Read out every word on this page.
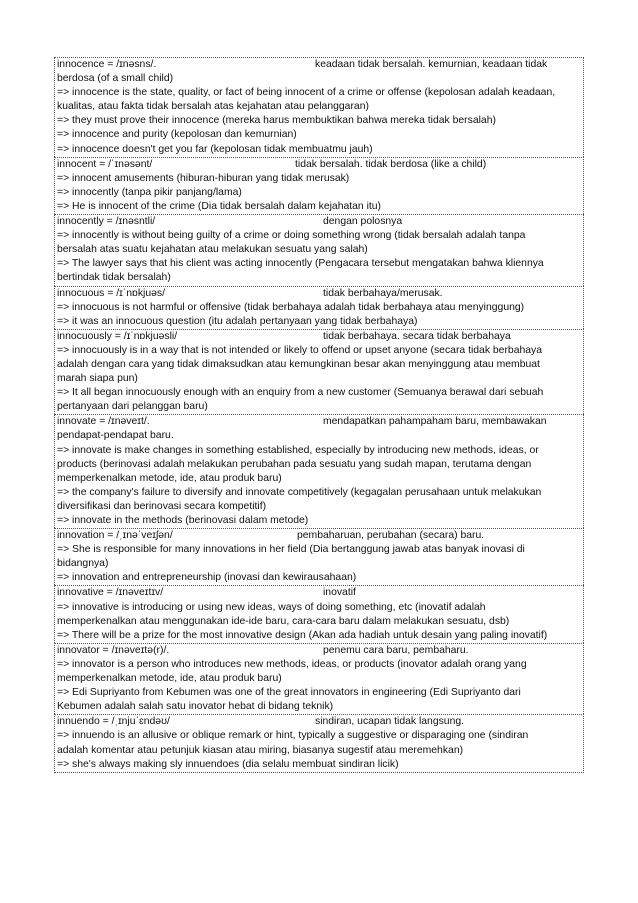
innocence = /ɪnəsns/.	keadaan tidak bersalah. kemurnian, keadaan tidak
berdosa (of a small child)
=> innocence is the state, quality, or fact of being innocent of a crime or offense (kepolosan adalah keadaan,
kualitas, atau fakta tidak bersalah atas kejahatan atau pelanggaran)
=> they must prove their innocence (mereka harus membuktikan bahwa mereka tidak bersalah)
=> innocence and purity (kepolosan dan kemurnian)
=> innocence doesn't get you far (kepolosan tidak membuatmu jauh)
innocent = /ˈɪnəsənt/	tidak bersalah. tidak berdosa (like a child)
=> innocent amusements (hiburan-hiburan yang tidak merusak)
=> innocently (tanpa pikir panjang/lama)
=> He is innocent of the crime (Dia tidak bersalah dalam kejahatan itu)
innocently = /ɪnəsntli/	dengan polosnya
=> innocently is without being guilty of a crime or doing something wrong (tidak bersalah adalah tanpa
bersalah atas suatu kejahatan atau melakukan sesuatu yang salah)
=> The lawyer says that his client was acting innocently (Pengacara tersebut mengatakan bahwa kliennya
bertindak tidak bersalah)
innocuous = /ɪˈnɒkjuəs/	tidak berbahaya/merusak.
=> innocuous is not harmful or offensive (tidak berbahaya adalah tidak berbahaya atau menyinggung)
=> it was an innocuous question (itu adalah pertanyaan yang tidak berbahaya)
innocuously = /ɪˈnɒkjuəsli/	tidak berbahaya. secara tidak berbahaya
=> innocuously is in a way that is not intended or likely to offend or upset anyone (secara tidak berbahaya
adalah dengan cara yang tidak dimaksudkan atau kemungkinan besar akan menyinggung atau membuat
marah siapa pun)
=> It all began innocuously enough with an enquiry from a new customer (Semuanya berawal dari sebuah
pertanyaan dari pelanggan baru)
innovate = /ɪnəveɪt/.	mendapatkan pahampaham baru, membawakan
pendapat-pendapat baru.
=> innovate is make changes in something established, especially by introducing new methods, ideas, or
products (berinovasi adalah melakukan perubahan pada sesuatu yang sudah mapan, terutama dengan
memperkenalkan metode, ide, atau produk baru)
=> the company's failure to diversify and innovate competitively (kegagalan perusahaan untuk melakukan
diversifikasi dan berinovasi secara kompetitif)
=> innovate in the methods (berinovasi dalam metode)
innovation = /ˌɪnəˈveɪʃən/	pembaharuan, perubahan (secara) baru.
=> She is responsible for many innovations in her field (Dia bertanggung jawab atas banyak inovasi di
bidangnya)
=> innovation and entrepreneurship (inovasi dan kewirausahaan)
innovative = /ɪnəveɪtɪv/	inovatif
=> innovative is introducing or using new ideas, ways of doing something, etc (inovatif adalah
memperkenalkan atau menggunakan ide-ide baru, cara-cara baru dalam melakukan sesuatu, dsb)
=> There will be a prize for the most innovative design (Akan ada hadiah untuk desain yang paling inovatif)
innovator = /ɪnəveɪtə(r)/.	penemu cara baru, pembaharu.
=> innovator is a person who introduces new methods, ideas, or products (inovator adalah orang yang
memperkenalkan metode, ide, atau produk baru)
=> Edi Supriyanto from Kebumen was one of the great innovators in engineering (Edi Supriyanto dari
Kebumen adalah salah satu inovator hebat di bidang teknik)
innuendo = /ˌɪnjuˈɛndəʊ/	sindiran, ucapan tidak langsung.
=> innuendo is an allusive or oblique remark or hint, typically a suggestive or disparaging one (sindiran
adalah komentar atau petunjuk kiasan atau miring, biasanya sugestif atau meremehkan)
=> she's always making sly innuendoes (dia selalu membuat sindiran licik)
